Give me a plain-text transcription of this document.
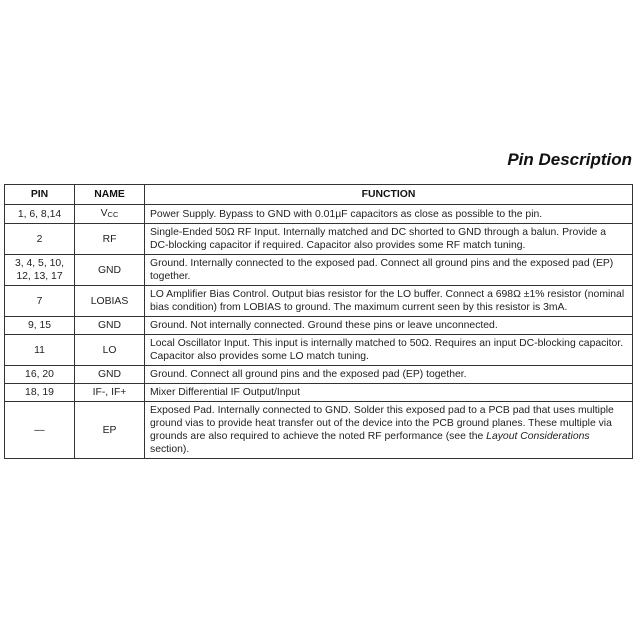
Pin Description
PIN	NAME	FUNCTION
1, 6, 8,14	$V_{CC}$	Power Supply. Bypass to GND with 0.01µF capacitors as close as possible to the pin.
2	RF	Single-Ended 50Ω RF Input. Internally matched and DC shorted to GND through a balun. Provide a DC-blocking capacitor if required. Capacitor also provides some RF match tuning.
3, 4, 5, 10,
12, 13, 17	GND	Ground. Internally connected to the exposed pad. Connect all ground pins and the exposed pad (EP) together.
7	LOBIAS	LO Amplifier Bias Control. Output bias resistor for the LO buffer. Connect a 698Ω ±1% resistor (nominal bias condition) from LOBIAS to ground. The maximum current seen by this resistor is 3mA.
9, 15	GND	Ground. Not internally connected. Ground these pins or leave unconnected.
11	LO	Local Oscillator Input. This input is internally matched to 50Ω. Requires an input DC-blocking capacitor. Capacitor also provides some LO match tuning.
16, 20	GND	Ground. Connect all ground pins and the exposed pad (EP) together.
18, 19	IF-, IF+	Mixer Differential IF Output/Input
—	EP	Exposed Pad. Internally connected to GND. Solder this exposed pad to a PCB pad that uses multiple ground vias to provide heat transfer out of the device into the PCB ground planes. These multiple via grounds are also required to achieve the noted RF performance (see the Layout Considerations section).
